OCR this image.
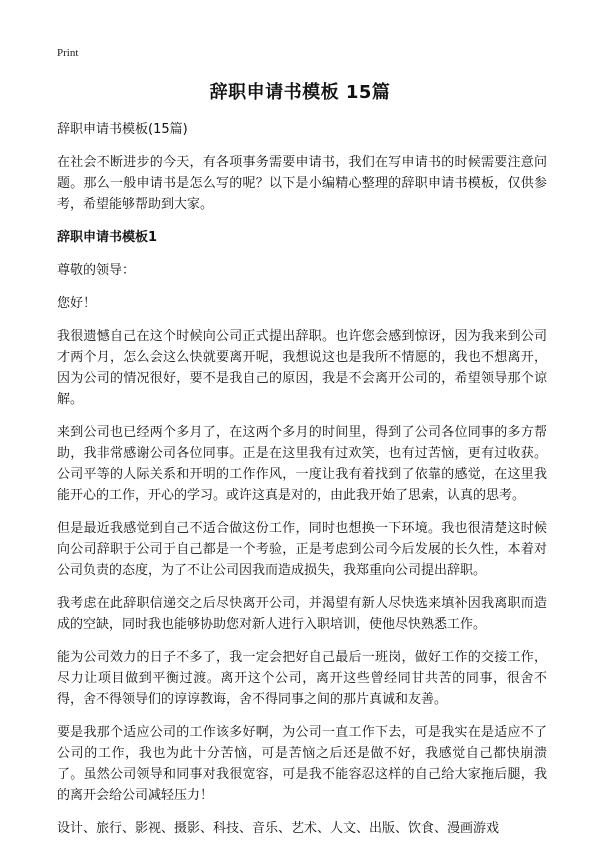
Print
辞职申请书模板 15篇

辞职申请书模板(15篇)

在社会不断进步的今天，有各项事务需要申请书，我们在写申请书的时候需要注意问题。那么一般申请书是怎么写的呢？以下是小编精心整理的辞职申请书模板，仅供参考，希望能够帮助到大家。

辞职申请书模板1

尊敬的领导：

您好！

我很遗憾自己在这个时候向公司正式提出辞职。也许您会感到惊讶，因为我来到公司才两个月，怎么会这么快就要离开呢，我想说这也是我所不情愿的，我也不想离开，因为公司的情况很好，要不是我自己的原因，我是不会离开公司的，希望领导那个谅解。

来到公司也已经两个多月了，在这两个多月的时间里，得到了公司各位同事的多方帮助，我非常感谢公司各位同事。正是在这里我有过欢笑，也有过苦恼，更有过收获。公司平等的人际关系和开明的工作作风，一度让我有着找到了依靠的感觉，在这里我能开心的工作，开心的学习。或许这真是对的，由此我开始了思索，认真的思考。

但是最近我感觉到自己不适合做这份工作，同时也想换一下环境。我也很清楚这时候向公司辞职于公司于自己都是一个考验，正是考虑到公司今后发展的长久性，本着对公司负责的态度，为了不让公司因我而造成损失，我郑重向公司提出辞职。

我考虑在此辞职信递交之后尽快离开公司，并渴望有新人尽快选来填补因我离职而造成的空缺，同时我也能够协助您对新人进行入职培训，使他尽快熟悉工作。

能为公司效力的日子不多了，我一定会把好自己最后一班岗，做好工作的交接工作，尽力让项目做到平衡过渡。离开这个公司，离开这些曾经同甘共苦的同事，很舍不得，舍不得领导们的谆谆教诲，舍不得同事之间的那片真诚和友善。

要是我那个适应公司的工作该多好啊，为公司一直工作下去，可是我实在是适应不了公司的工作，我也为此十分苦恼，可是苦恼之后还是做不好，我感觉自己都快崩溃了。虽然公司领导和同事对我很宽容，可是我不能容忍这样的自己给大家拖后腿，我的离开会给公司减轻压力！

设计、旅行、影视、摄影、科技、音乐、艺术、人文、出版、饮食、漫画游戏
